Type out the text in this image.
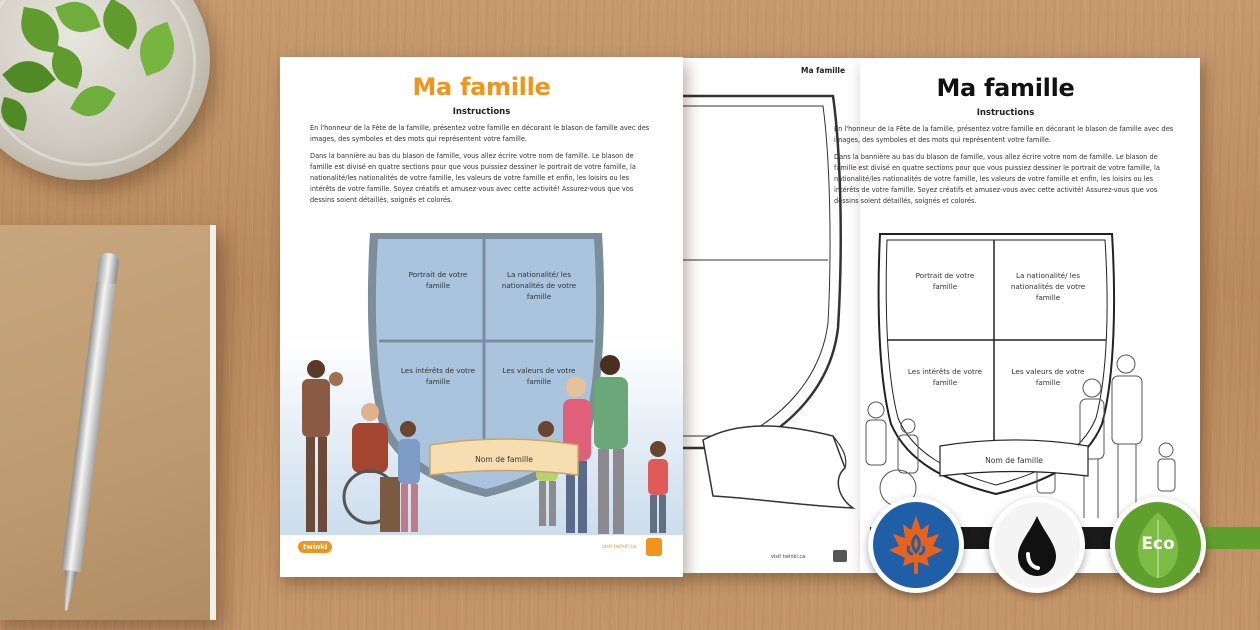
Ma famille
visit twinkl.ca
Ma famille
Instructions

En l'honneur de la Fête de la famille, présentez votre famille en décorant le blason de famille avec des images, des symboles et des mots qui représentent votre famille.

Dans la bannière au bas du blason de famille, vous allez écrire votre nom de famille. Le blason de famille est divisé en quatre sections pour que vous puissiez dessiner le portrait de votre famille, la nationalité/les nationalités de votre famille, les valeurs de votre famille et enfin, les loisirs ou les intérêts de votre famille. Soyez créatifs et amusez-vous avec cette activité! Assurez-vous que vos dessins soient détaillés, soignés et colorés.

Portrait de votre famille
La nationalité/ les nationalités de votre famille
Les intérêts de votre famille
Les valeurs de votre famille
Nom de famille
twinkl	visit twinkl.ca
Ma famille
Instructions

En l'honneur de la Fête de la famille, présentez votre famille en décorant le blason de famille avec des images, des symboles et des mots qui représentent votre famille.

Dans la bannière au bas du blason de famille, vous allez écrire votre nom de famille. Le blason de famille est divisé en quatre sections pour que vous puissiez dessiner le portrait de votre famille, la nationalité/les nationalités de votre famille, les valeurs de votre famille et enfin, les loisirs ou les intérêts de votre famille. Soyez créatifs et amusez-vous avec cette activité! Assurez-vous que vos dessins soient détaillés, soignés et colorés.

Portrait de votre famille
La nationalité/ les nationalités de votre famille
Les intérêts de votre famille
Les valeurs de votre famille
Nom de famille
Eco
